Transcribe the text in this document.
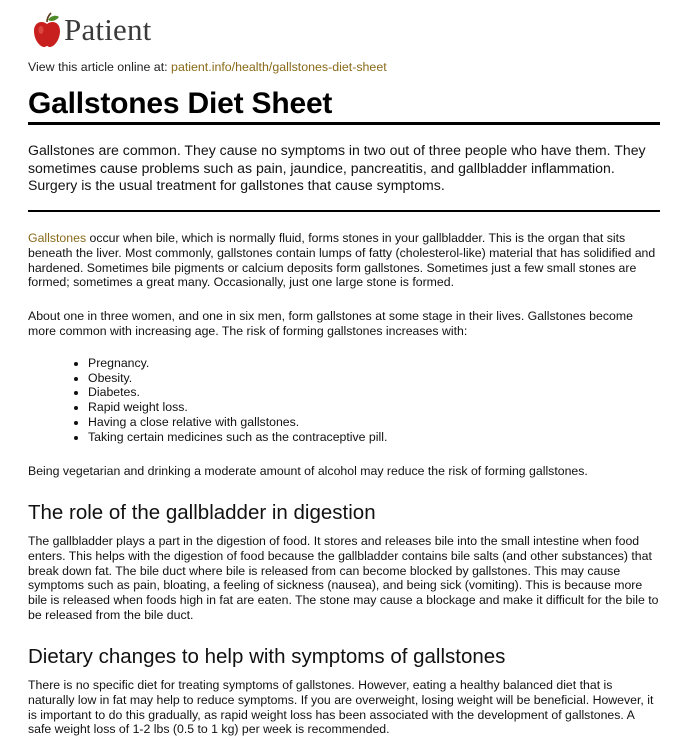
Patient
View this article online at: patient.info/health/gallstones-diet-sheet
Gallstones Diet Sheet

Gallstones are common. They cause no symptoms in two out of three people who have them. They sometimes cause problems such as pain, jaundice, pancreatitis, and gallbladder inflammation. Surgery is the usual treatment for gallstones that cause symptoms.

Gallstones occur when bile, which is normally fluid, forms stones in your gallbladder. This is the organ that sits beneath the liver. Most commonly, gallstones contain lumps of fatty (cholesterol-like) material that has solidified and hardened. Sometimes bile pigments or calcium deposits form gallstones. Sometimes just a few small stones are formed; sometimes a great many. Occasionally, just one large stone is formed.

About one in three women, and one in six men, form gallstones at some stage in their lives. Gallstones become more common with increasing age. The risk of forming gallstones increases with:

• Pregnancy.
• Obesity.
• Diabetes.
• Rapid weight loss.
• Having a close relative with gallstones.
• Taking certain medicines such as the contraceptive pill.

Being vegetarian and drinking a moderate amount of alcohol may reduce the risk of forming gallstones.

The role of the gallbladder in digestion

The gallbladder plays a part in the digestion of food. It stores and releases bile into the small intestine when food enters. This helps with the digestion of food because the gallbladder contains bile salts (and other substances) that break down fat. The bile duct where bile is released from can become blocked by gallstones. This may cause symptoms such as pain, bloating, a feeling of sickness (nausea), and being sick (vomiting). This is because more bile is released when foods high in fat are eaten. The stone may cause a blockage and make it difficult for the bile to be released from the bile duct.

Dietary changes to help with symptoms of gallstones

There is no specific diet for treating symptoms of gallstones. However, eating a healthy balanced diet that is naturally low in fat may help to reduce symptoms. If you are overweight, losing weight will be beneficial. However, it is important to do this gradually, as rapid weight loss has been associated with the development of gallstones. A safe weight loss of 1-2 lbs (0.5 to 1 kg) per week is recommended.
